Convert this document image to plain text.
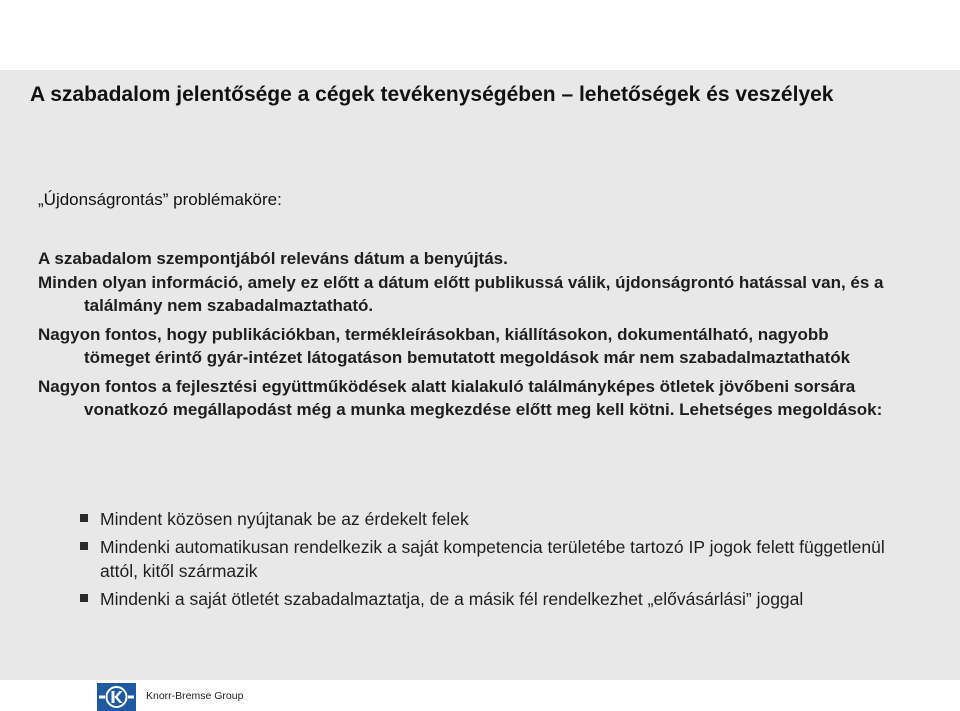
A szabadalom jelentősége a cégek tevékenységében – lehetőségek és veszélyek

„Újdonságrontás” problémaköre:

A szabadalom szempontjából releváns dátum a benyújtás.

Minden olyan információ, amely ez előtt a dátum előtt publikussá válik, újdonságrontó hatással van, és a találmány nem szabadalmaztatható.

Nagyon fontos, hogy publikációkban, termékleírásokban, kiállításokon, dokumentálható, nagyobb tömeget érintő gyár-intézet látogatáson bemutatott megoldások már nem szabadalmaztathatók

Nagyon fontos a fejlesztési együttműködések alatt kialakuló találmányképes ötletek jövőbeni sorsára vonatkozó megállapodást még a munka megkezdése előtt meg kell kötni. Lehetséges megoldások:

Mindent közösen nyújtanak be az érdekelt felek
Mindenki automatikusan rendelkezik a saját kompetencia területébe tartozó IP jogok felett függetlenül attól, kitől származik
Mindenki a saját ötletét szabadalmaztatja, de a másik fél rendelkezhet „elővásárlási” joggal
Knorr-Bremse Group
